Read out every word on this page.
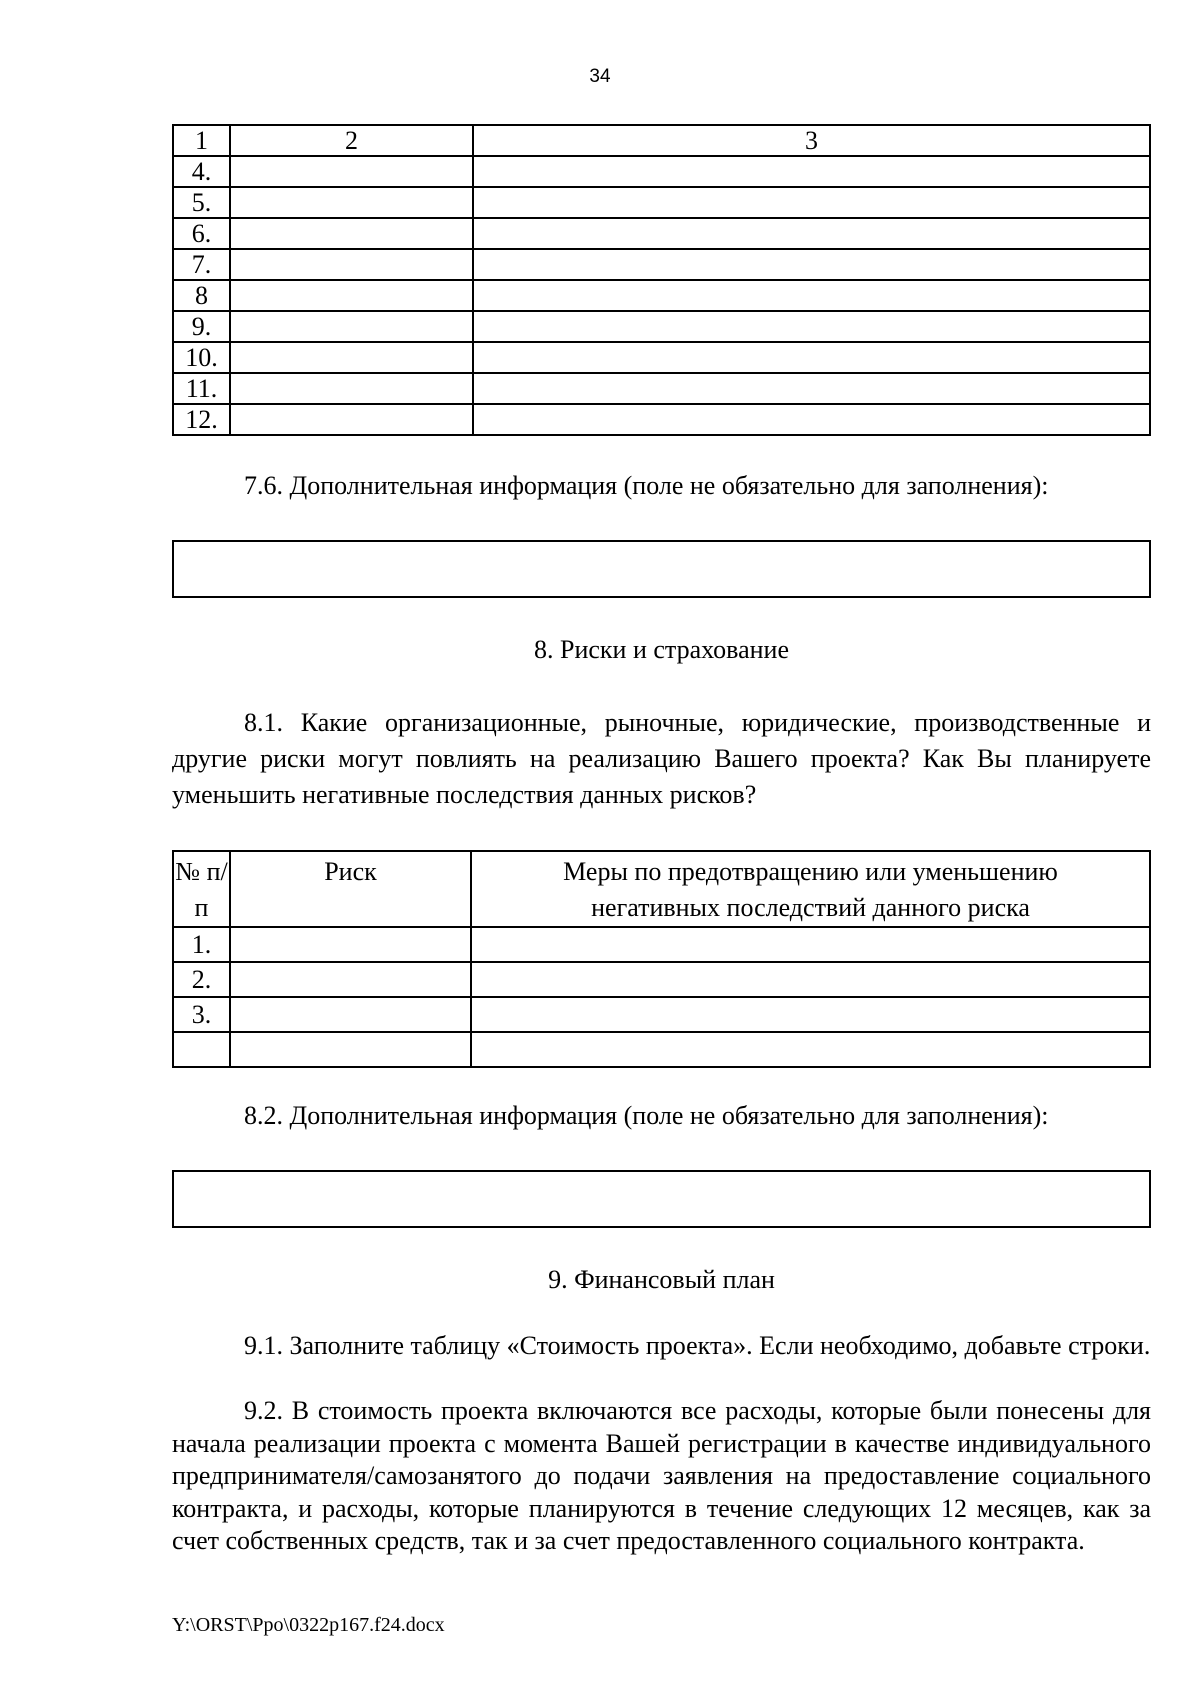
34
1	2	3
4.		
5.		
6.		
7.		
8		
9.		
10.		
11.		
12.		
7.6. Дополнительная информация (поле не обязательно для заполнения):
8. Риски и страхование
8.1. Какие организационные, рыночные, юридические, производственные и другие риски могут повлиять на реализацию Вашего проекта? Как Вы планируете уменьшить негативные последствия данных рисков?
№ п/п	Риск	Меры по предотвращению или уменьшению негативных последствий данного риска
1.		
2.		
3.		

8.2. Дополнительная информация (поле не обязательно для заполнения):
9. Финансовый план
9.1. Заполните таблицу «Стоимость проекта». Если необходимо, добавьте строки.
9.2. В стоимость проекта включаются все расходы, которые были понесены для начала реализации проекта с момента Вашей регистрации в качестве индивидуального предпринимателя/самозанятого до подачи заявления на предоставление социального контракта, и расходы, которые планируются в течение следующих 12 месяцев, как за счет собственных средств, так и за счет предоставленного социального контракта.
Y:\ORST\Ppo\0322p167.f24.docx
